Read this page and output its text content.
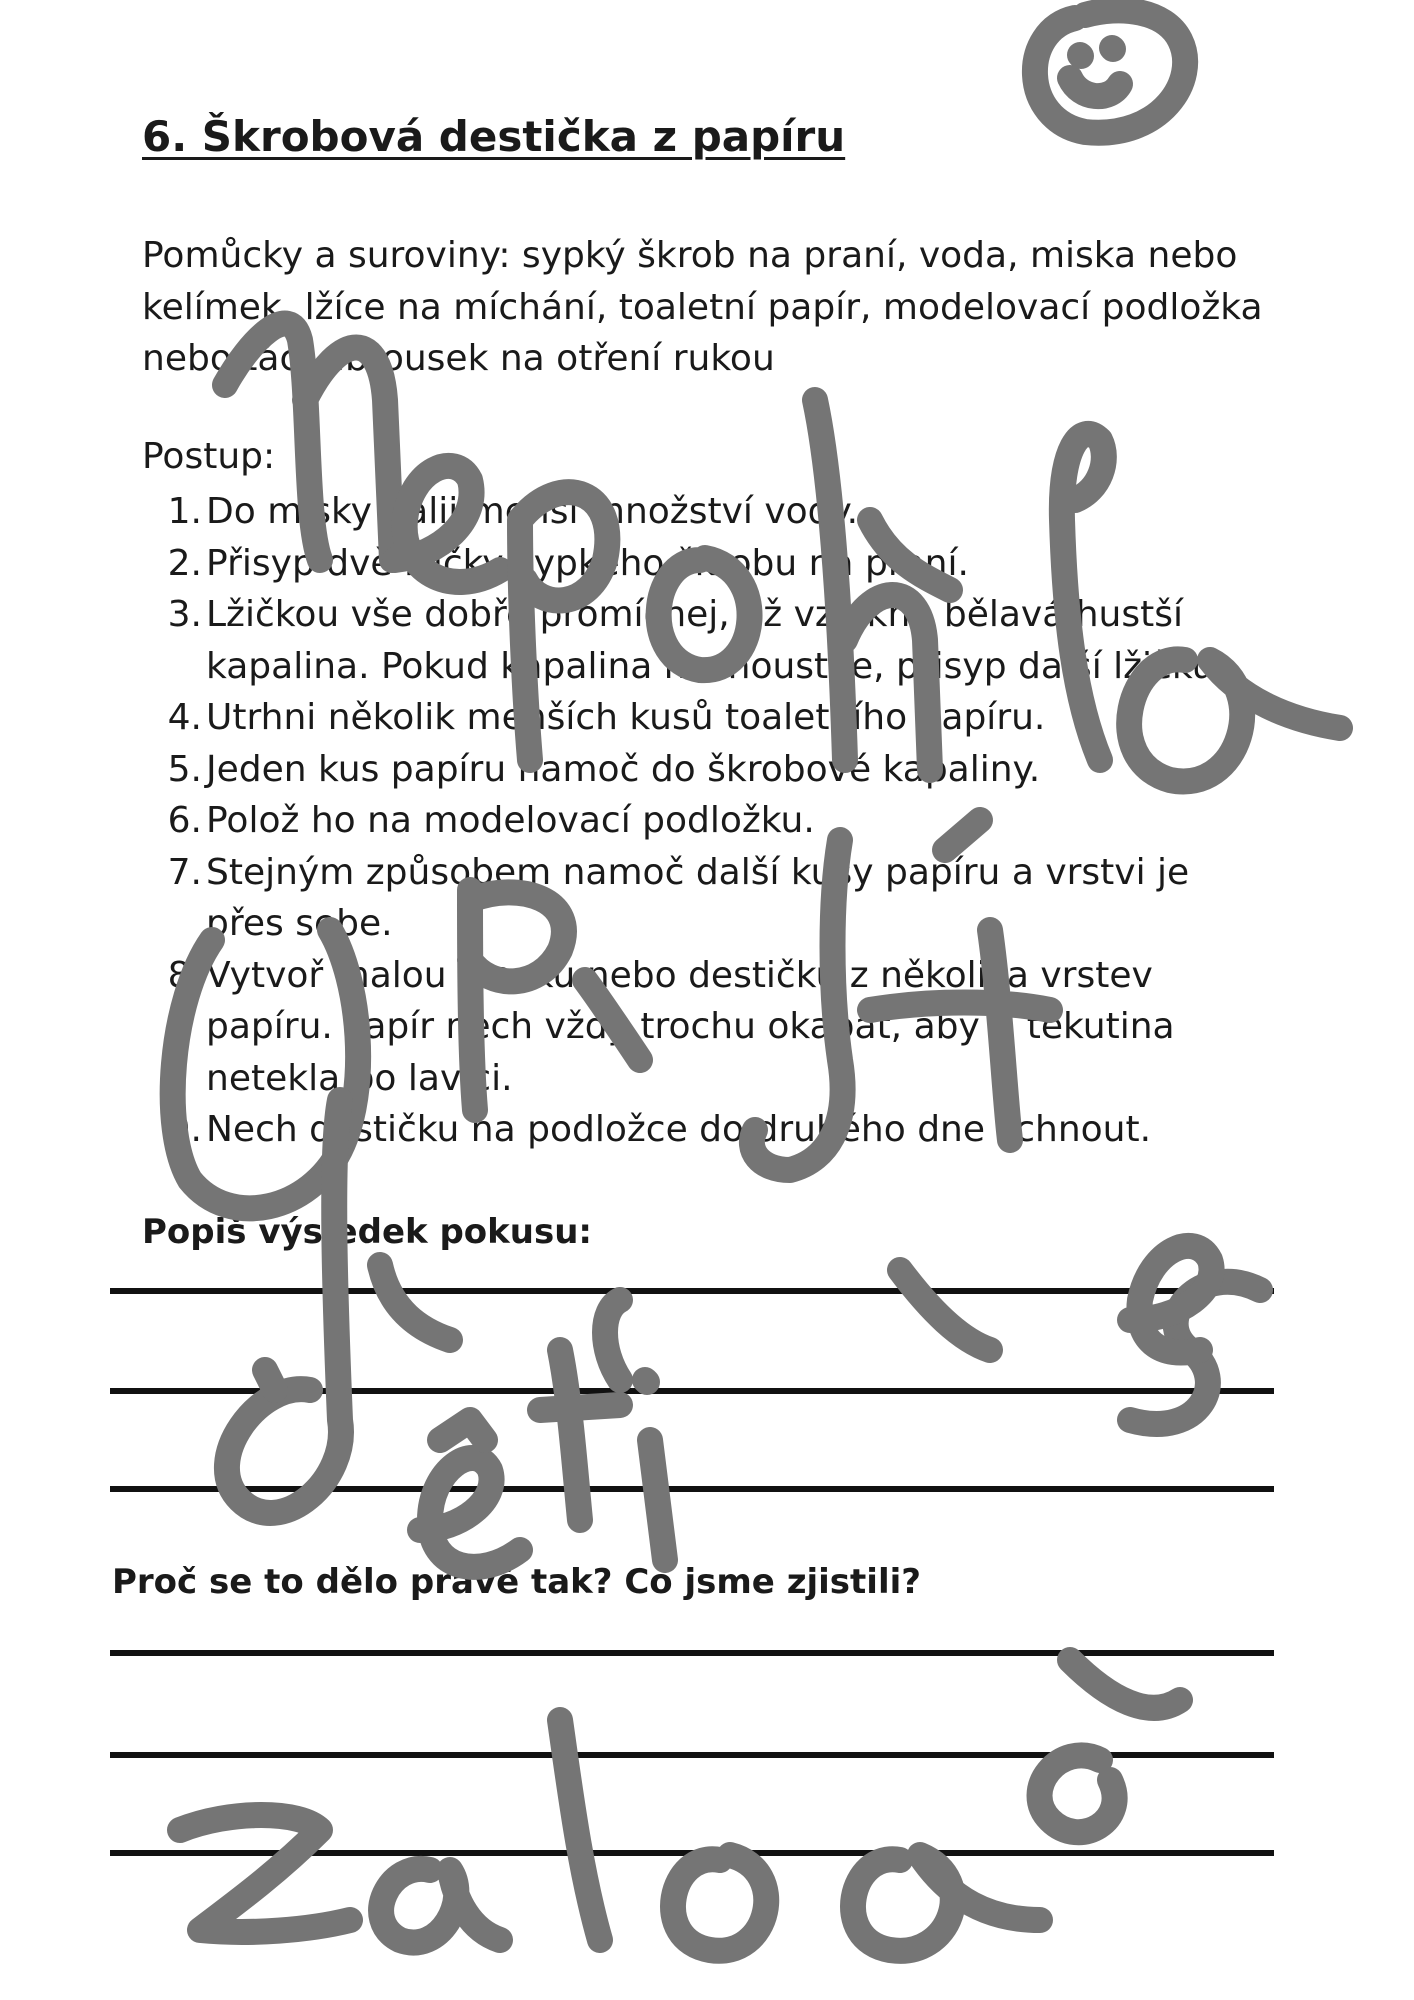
6. Škrobová destička z papíru

Pomůcky a suroviny: sypký škrob na praní, voda, miska nebo kelímek, lžíce na míchání, toaletní papír, modelovací podložka nebo tác, ubrousek na otření rukou

Postup:

1. Do misky nalij menší množství vody.
2. Přisyp dvě lžičky sypkého škrobu na praní.
3. Lžičkou vše dobře promíchej, až vznikne bělavá hustší kapalina. Pokud kapalina nezhoustne, přisyp další lžičku.
4. Utrhni několik menších kusů toaletního papíru.
5. Jeden kus papíru namoč do škrobové kapaliny.
6. Polož ho na modelovací podložku.
7. Stejným způsobem namoč další kusy papíru a vrstvi je přes sebe.
8. Vytvoř malou placku nebo destičku z několika vrstev papíru. Papír nech vždy trochu okapat, aby ti tekutina netekla po lavici.
9. Nech destičku na podložce do druhého dne schnout.

Popiš výsledek pokusu:

Proč se to dělo právě tak? Co jsme zjistili?
